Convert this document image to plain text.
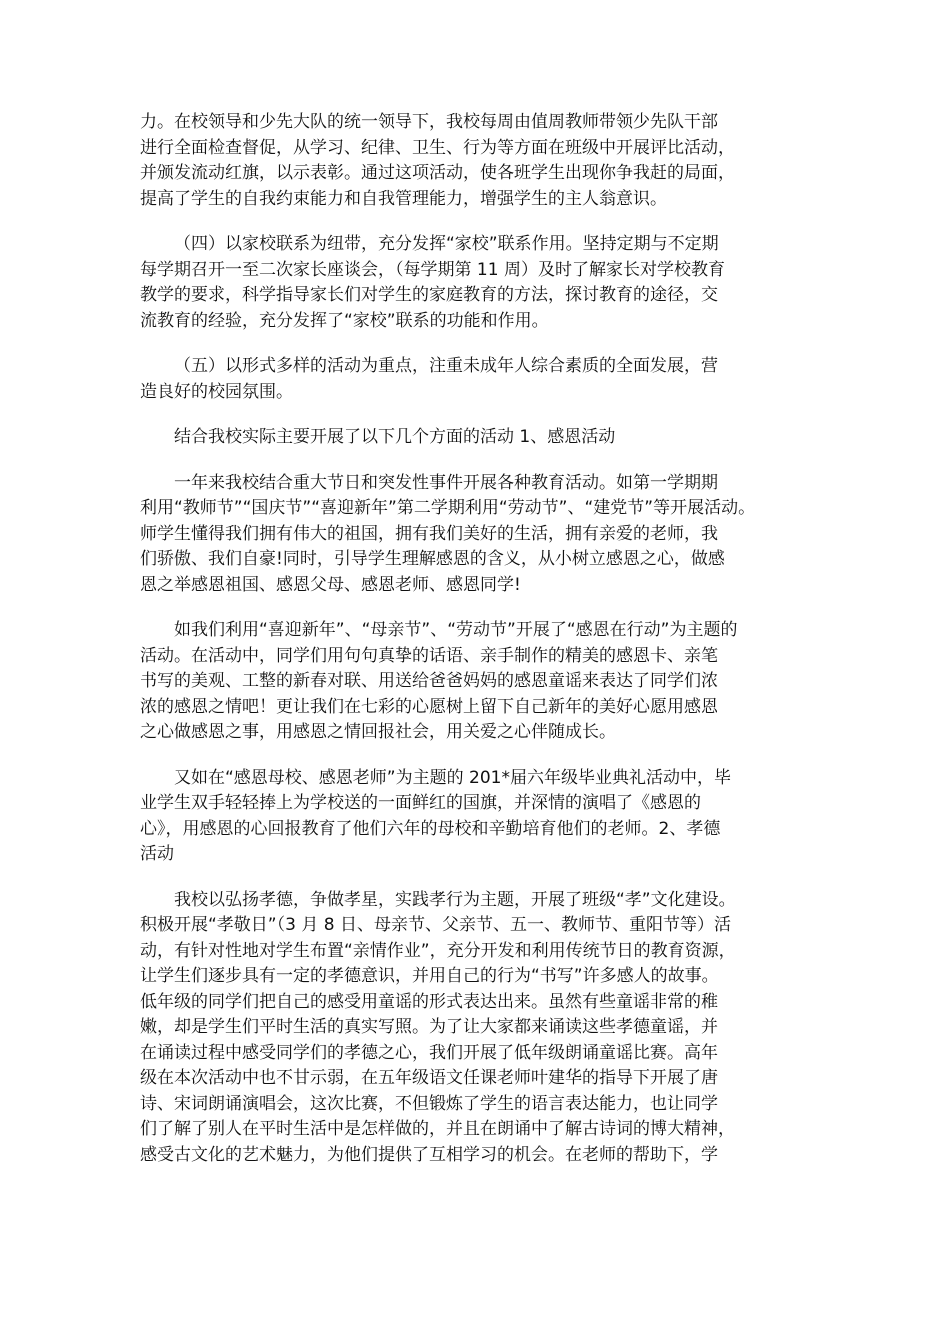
力。在校领导和少先大队的统一领导下，我校每周由值周教师带领少先队干部
进行全面检查督促，从学习、纪律、卫生、行为等方面在班级中开展评比活动，
并颁发流动红旗，以示表彰。通过这项活动，使各班学生出现你争我赶的局面，
提高了学生的自我约束能力和自我管理能力，增强学生的主人翁意识。
（四）以家校联系为纽带，充分发挥“家校”联系作用。坚持定期与不定期
每学期召开一至二次家长座谈会，（每学期第 11 周）及时了解家长对学校教育
教学的要求，科学指导家长们对学生的家庭教育的方法，探讨教育的途径，交
流教育的经验，充分发挥了“家校”联系的功能和作用。
（五）以形式多样的活动为重点，注重未成年人综合素质的全面发展，营
造良好的校园氛围。
结合我校实际主要开展了以下几个方面的活动 1、感恩活动
一年来我校结合重大节日和突发性事件开展各种教育活动。如第一学期期
利用“教师节”“国庆节”“喜迎新年”第二学期利用“劳动节”、“建党节”等开展活动。
师学生懂得我们拥有伟大的祖国，拥有我们美好的生活，拥有亲爱的老师，我
们骄傲、我们自豪!同时，引导学生理解感恩的含义，从小树立感恩之心，做感
恩之举感恩祖国、感恩父母、感恩老师、感恩同学!
如我们利用“喜迎新年”、“母亲节”、“劳动节”开展了“感恩在行动”为主题的
活动。在活动中，同学们用句句真挚的话语、亲手制作的精美的感恩卡、亲笔
书写的美观、工整的新春对联、用送给爸爸妈妈的感恩童谣来表达了同学们浓
浓的感恩之情吧！更让我们在七彩的心愿树上留下自己新年的美好心愿用感恩
之心做感恩之事，用感恩之情回报社会，用关爱之心伴随成长。
又如在“感恩母校、感恩老师”为主题的 201*届六年级毕业典礼活动中，毕
业学生双手轻轻捧上为学校送的一面鲜红的国旗，并深情的演唱了《感恩的
心》，用感恩的心回报教育了他们六年的母校和辛勤培育他们的老师。2、孝德
活动
我校以弘扬孝德，争做孝星，实践孝行为主题，开展了班级“孝”文化建设。
积极开展“孝敬日”（3 月 8 日、母亲节、父亲节、五一、教师节、重阳节等）活
动，有针对性地对学生布置“亲情作业”，充分开发和利用传统节日的教育资源，
让学生们逐步具有一定的孝德意识，并用自己的行为“书写”许多感人的故事。
低年级的同学们把自己的感受用童谣的形式表达出来。虽然有些童谣非常的稚
嫩，却是学生们平时生活的真实写照。为了让大家都来诵读这些孝德童谣，并
在诵读过程中感受同学们的孝德之心，我们开展了低年级朗诵童谣比赛。高年
级在本次活动中也不甘示弱，在五年级语文任课老师叶建华的指导下开展了唐
诗、宋词朗诵演唱会，这次比赛，不但锻炼了学生的语言表达能力，也让同学
们了解了别人在平时生活中是怎样做的，并且在朗诵中了解古诗词的博大精神，
感受古文化的艺术魅力，为他们提供了互相学习的机会。在老师的帮助下，学
